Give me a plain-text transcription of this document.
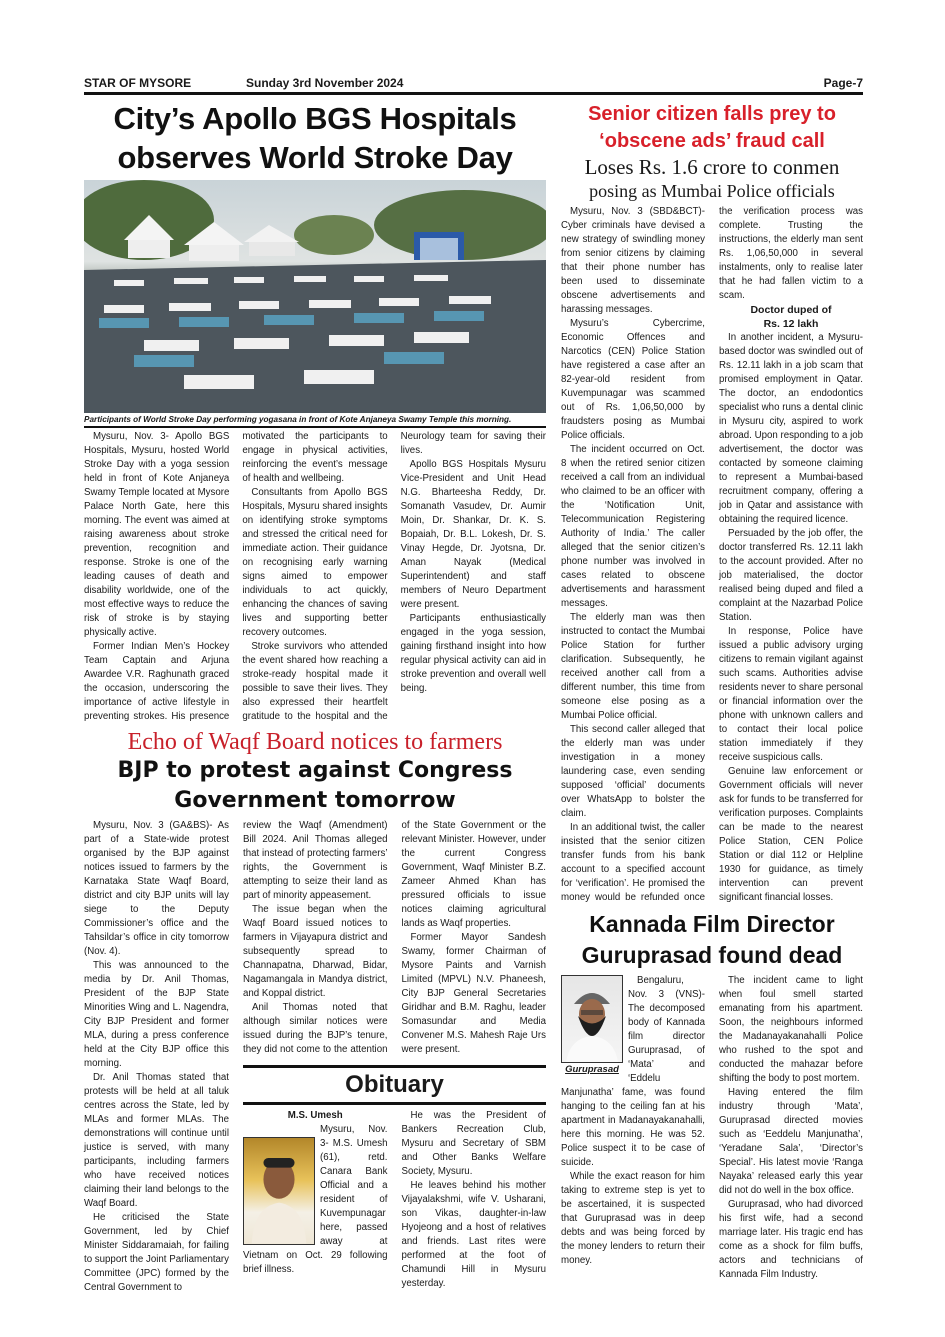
STAR OF MYSORE	Sunday 3rd November 2024	Page-7
City’s Apollo BGS Hospitals
observes World Stroke Day
Participants of World Stroke Day performing yogasana in front of Kote Anjaneya Swamy Temple this morning.

Mysuru, Nov. 3- Apollo BGS Hospitals, Mysuru, hosted World Stroke Day with a yoga session held in front of Kote Anjaneya Swamy Temple located at Mysore Palace North Gate, here this morning. The event was aimed at raising awareness about stroke prevention, recognition and response. Stroke is one of the leading causes of death and disability worldwide, one of the most effective ways to reduce the risk of stroke is by staying physically active.

Former Indian Men’s Hockey Team Captain and Arjuna Awardee V.R. Raghunath graced the occasion, underscoring the importance of active lifestyle in preventing strokes. His presence motivated the participants to engage in physical activities, reinforcing the event’s message of health and wellbeing.

Consultants from Apollo BGS Hospitals, Mysuru shared insights on identifying stroke symptoms and stressed the critical need for immediate action. Their guidance on recognising early warning signs aimed to empower individuals to act quickly, enhancing the chances of saving lives and supporting better recovery outcomes.

Stroke survivors who attended the event shared how reaching a stroke-ready hospital made it possible to save their lives. They also expressed their heartfelt gratitude to the hospital and the Neurology team for saving their lives.

Apollo BGS Hospitals Mysuru Vice-President and Unit Head N.G. Bharteesha Reddy, Dr. Somanath Vasudev, Dr. Aumir Moin, Dr. Shankar, Dr. K. S. Bopaiah, Dr. B.L. Lokesh, Dr. S. Vinay Hegde, Dr. Jyotsna, Dr. Aman Nayak (Medical Superintendent) and staff members of Neuro Department were present.

Participants enthusiastically engaged in the yoga session, gaining firsthand insight into how regular physical activity can aid in stroke prevention and overall well being.

Echo of Waqf Board notices to farmers
BJP to protest against Congress
Government tomorrow

Mysuru, Nov. 3 (GA&BS)- As part of a State-wide protest organised by the BJP against notices issued to farmers by the Karnataka State Waqf Board, district and city BJP units will lay siege to the Deputy Commissioner’s office and the Tahsildar’s office in city tomorrow (Nov. 4).

This was announced to the media by Dr. Anil Thomas, President of the BJP State Minorities Wing and L. Nagendra, City BJP President and former MLA, during a press conference held at the City BJP office this morning.

Dr. Anil Thomas stated that protests will be held at all taluk centres across the State, led by MLAs and former MLAs. The demonstrations will continue until justice is served, with many participants, including farmers who have received notices claiming their land belongs to the Waqf Board.

He criticised the State Government, led by Chief Minister Siddaramaiah, for failing to support the Joint Parliamentary Committee (JPC) formed by the Central Government to

review the Waqf (Amendment) Bill 2024. Anil Thomas alleged that instead of protecting farmers’ rights, the Government is attempting to seize their land as part of minority appeasement.

The issue began when the Waqf Board issued notices to farmers in Vijayapura district and subsequently spread to Channapatna, Dharwad, Bidar, Nagamangala in Mandya district, and Koppal district.

Anil Thomas noted that although similar notices were issued during the BJP’s tenure, they did not come to the attention of the State Government or the relevant Minister. However, under the current Congress Government, Waqf Minister B.Z. Zameer Ahmed Khan has pressured officials to issue notices claiming agricultural lands as Waqf properties.

Former Mayor Sandesh Swamy, former Chairman of Mysore Paints and Varnish Limited (MPVL) N.V. Phaneesh, City BJP General Secretaries Giridhar and B.M. Raghu, leader Somasundar and Media Convener M.S. Mahesh Raje Urs were present.

Obituary

M.S. Umesh

Mysuru, Nov. 3- M.S. Umesh (61), retd. Canara Bank Official and a resident of Kuvempunagar here, passed away at Vietnam on Oct. 29 following brief illness.

He was the President of Bankers Recreation Club, Mysuru and Secretary of SBM and Other Banks Welfare Society, Mysuru.

He leaves behind his mother Vijayalakshmi, wife V. Usharani, son Vikas, daughter-in-law Hyojeong and a host of relatives and friends. Last rites were performed at the foot of Chamundi Hill in Mysuru yesterday.

Senior citizen falls prey to
‘obscene ads’ fraud call
Loses Rs. 1.6 crore to conmen
posing as Mumbai Police officials

Mysuru, Nov. 3 (SBD&BCT)- Cyber criminals have devised a new strategy of swindling money from senior citizens by claiming that their phone number has been used to disseminate obscene advertisements and harassing messages.

Mysuru’s Cybercrime, Economic Offences and Narcotics (CEN) Police Station have registered a case after an 82-year-old resident from Kuvempunagar was scammed out of Rs. 1,06,50,000 by fraudsters posing as Mumbai Police officials.

The incident occurred on Oct. 8 when the retired senior citizen received a call from an individual who claimed to be an officer with the ‘Notification Unit, Telecommunication Registering Authority of India.’ The caller alleged that the senior citizen’s phone number was involved in cases related to obscene advertisements and harassment messages.

The elderly man was then instructed to contact the Mumbai Police Station for further clarification. Subsequently, he received another call from a different number, this time from someone else posing as a Mumbai Police official.

This second caller alleged that the elderly man was under investigation in a money laundering case, even sending supposed ‘official’ documents over WhatsApp to bolster the claim.

In an additional twist, the caller insisted that the senior citizen transfer funds from his bank account to a specified account for ‘verification’. He promised the money would be refunded once the verification process was complete. Trusting the instructions, the elderly man sent Rs. 1,06,50,000 in several instalments, only to realise later that he had fallen victim to a scam.

Doctor duped of
Rs. 12 lakh

In another incident, a Mysuru-based doctor was swindled out of Rs. 12.11 lakh in a job scam that promised employment in Qatar. The doctor, an endodontics specialist who runs a dental clinic in Mysuru city, aspired to work abroad. Upon responding to a job advertisement, the doctor was contacted by someone claiming to represent a Mumbai-based recruitment company, offering a job in Qatar and assistance with obtaining the required licence.

Persuaded by the job offer, the doctor transferred Rs. 12.11 lakh to the account provided. After no job materialised, the doctor realised being duped and filed a complaint at the Nazarbad Police Station.

In response, Police have issued a public advisory urging citizens to remain vigilant against such scams. Authorities advise residents never to share personal or financial information over the phone with unknown callers and to contact their local police station immediately if they receive suspicious calls.

Genuine law enforcement or Government officials will never ask for funds to be transferred for verification purposes. Complaints can be made to the nearest Police Station, CEN Police Station or dial 112 or Helpline 1930 for guidance, as timely intervention can prevent significant financial losses.

Kannada Film Director
Guruprasad found dead

Guruprasad
Bengaluru, Nov. 3 (VNS)- The decomposed body of Kannada film director Guruprasad, of ‘Mata’ and ‘Eddelu Manjunatha’ fame, was found hanging to the ceiling fan at his apartment in Madanayakanahalli, here this morning. He was 52. Police suspect it to be case of suicide.

While the exact reason for him taking to extreme step is yet to be ascertained, it is suspected that Guruprasad was in deep debts and was being forced by the money lenders to return their money.

The incident came to light when foul smell started emanating from his apartment. Soon, the neighbours informed the Madanayakanahalli Police who rushed to the spot and conducted the mahazar before shifting the body to post mortem.

Having entered the film industry through ‘Mata’, Guruprasad directed movies such as ‘Eeddelu Manjunatha’, ‘Yeradane Sala’, ‘Director’s Special’. His latest movie ‘Ranga Nayaka’ released early this year did not do well in the box office.

Guruprasad, who had divorced his first wife, had a second marriage later. His tragic end has come as a shock for film buffs, actors and technicians of Kannada Film Industry.
